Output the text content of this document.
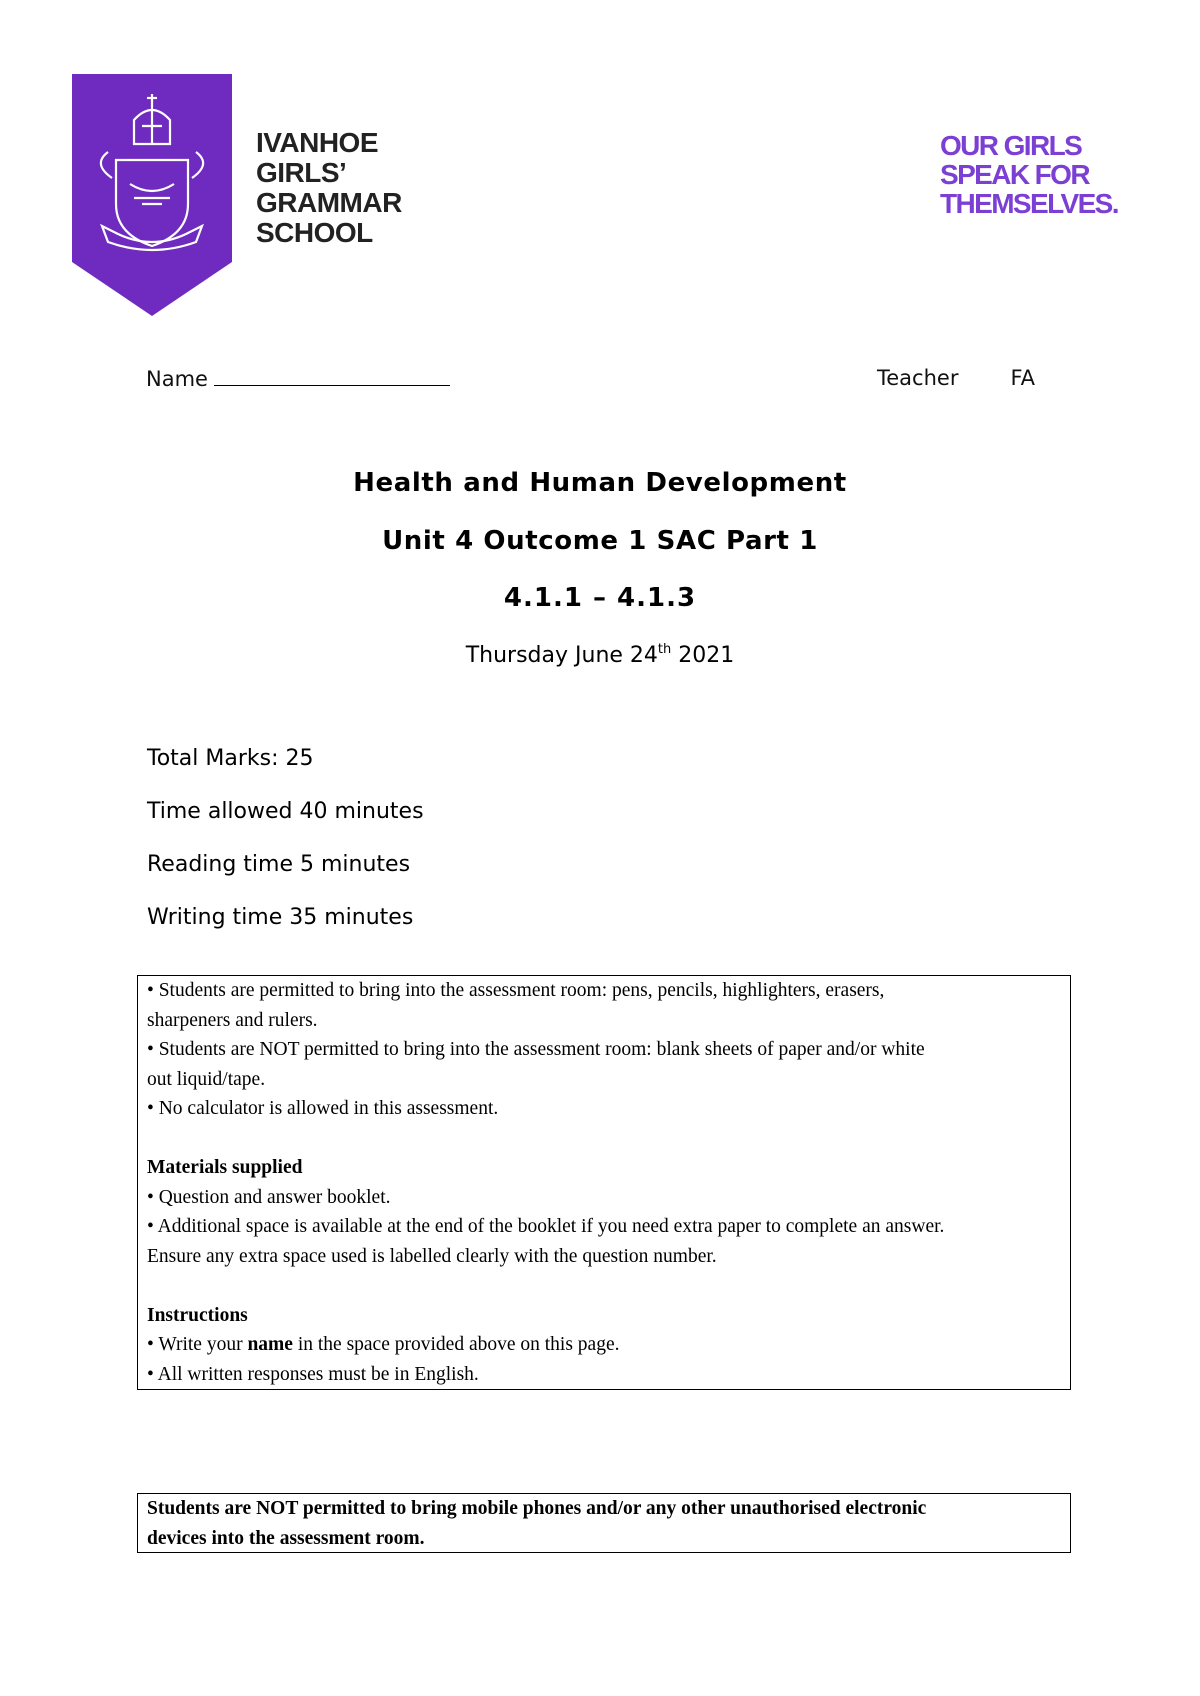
IVANHOE
GIRLS’
GRAMMAR
SCHOOL
OUR GIRLS
SPEAK FOR
THEMSELVES.
Name	Teacher FA
Health and Human Development
Unit 4 Outcome 1 SAC Part 1
4.1.1 – 4.1.3
Thursday June 24th 2021
Total Marks: 25
Time allowed 40 minutes
Reading time 5 minutes
Writing time 35 minutes

• Students are permitted to bring into the assessment room: pens, pencils, highlighters, erasers,

sharpeners and rulers.

• Students are NOT permitted to bring into the assessment room: blank sheets of paper and/or white

out liquid/tape.

• No calculator is allowed in this assessment.

Materials supplied

• Question and answer booklet.

• Additional space is available at the end of the booklet if you need extra paper to complete an answer.

Ensure any extra space used is labelled clearly with the question number.

Instructions

• Write your name in the space provided above on this page.

• All written responses must be in English.

Students are NOT permitted to bring mobile phones and/or any other unauthorised electronic
devices into the assessment room.
